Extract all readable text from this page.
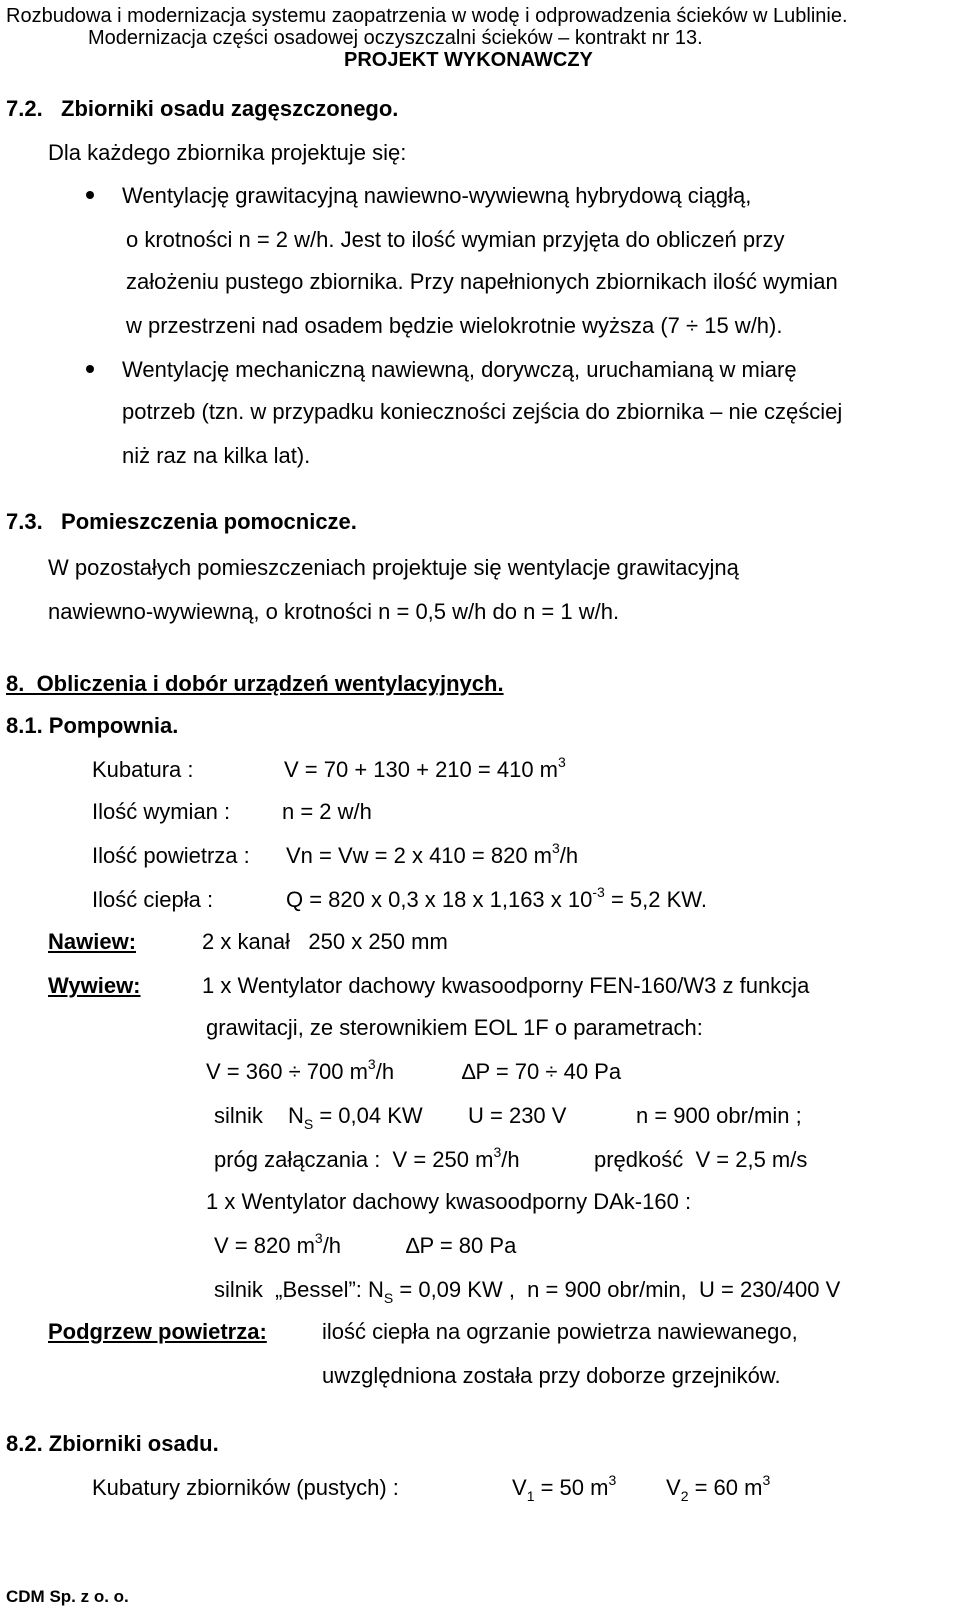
Rozbudowa i modernizacja systemu zaopatrzenia w wodę i odprowadzenia ścieków w Lublinie.
Modernizacja części osadowej oczyszczalni ścieków – kontrakt nr 13.
PROJEKT WYKONAWCZY
7.2.   Zbiorniki osadu zagęszczonego.
Dla każdego zbiornika projektuje się:
Wentylację grawitacyjną nawiewno-wywiewną hybrydową ciągłą,
o krotności n = 2 w/h. Jest to ilość wymian przyjęta do obliczeń przy
założeniu pustego zbiornika. Przy napełnionych zbiornikach ilość wymian
w przestrzeni nad osadem będzie wielokrotnie wyższa (7 ÷ 15 w/h).
Wentylację mechaniczną nawiewną, dorywczą, uruchamianą w miarę
potrzeb (tzn. w przypadku konieczności zejścia do zbiornika – nie częściej
niż raz na kilka lat).
7.3.   Pomieszczenia pomocnicze.
W pozostałych pomieszczeniach projektuje się wentylacje grawitacyjną
nawiewno-wywiewną, o krotności n = 0,5 w/h do n = 1 w/h.
8.  Obliczenia i dobór urządzeń wentylacyjnych.
8.1. Pompownia.
Kubatura :	V = 70 + 130 + 210 = 410 $m^3$
Ilość wymian : n = 2 w/h
Ilość powietrza : Vn = Vw = 2 x 410 = 820 $m^3/h$
Ilość ciepła :	Q = 820 x 0,3 x 18 x 1,163 x $10^{-3} = 5,2$ KW.
Nawiew:	2 x kanał   250 x 250 mm
Wywiew:	1 x Wentylator dachowy kwasoodporny FEN-160/W3 z funkcja
grawitacji, ze sterownikiem EOL 1F o parametrach:
V = 360 ÷ 700 $m^3/h$	∆P = 70 ÷ 40 Pa
silnik $N_S = 0,04$ KW U = 230 V	n = 900 obr/min ;
próg załączania :  V = 250 $m^3/h$	prędkość  V = 2,5 m/s
1 x Wentylator dachowy kwasoodporny DAk-160 :
V = 820 $m^3/h$	∆P = 80 Pa
silnik  „Bessel”: $N_S = 0,09$ KW ,  n = 900 obr/min,  U = 230/400 V
Podgrzew powietrza:	ilość ciepła na ogrzanie powietrza nawiewanego,
uwzględniona została przy doborze grzejników.
8.2. Zbiorniki osadu.
Kubatury zbiorników (pustych) :	$V_1 = 50$ $m^3$ $V_2 = 60$ $m^3$
CDM Sp. z o. o.
